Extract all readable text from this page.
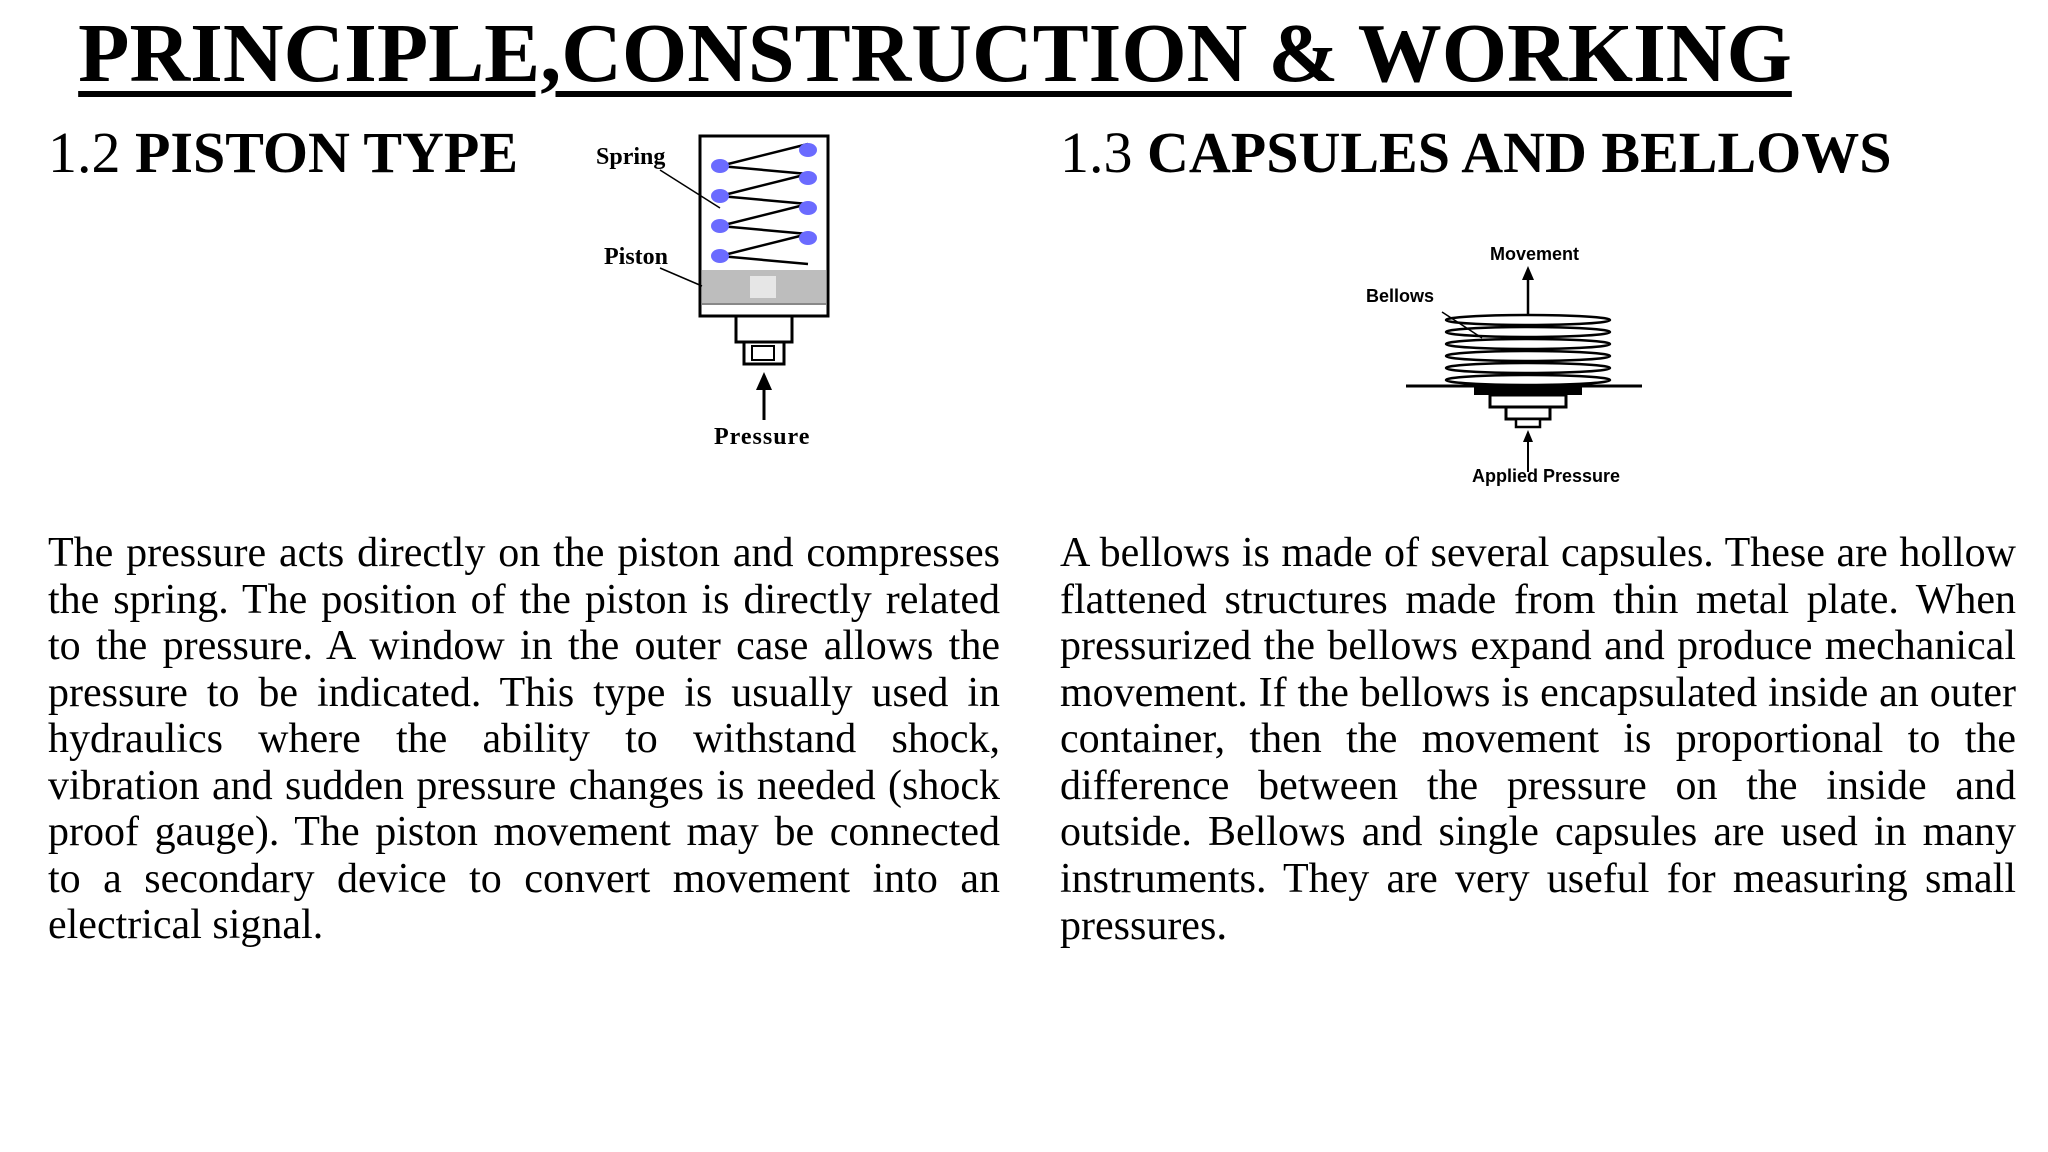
PRINCIPLE,CONSTRUCTION & WORKING
1.2 PISTON TYPE	1.3 CAPSULES AND BELLOWS
Spring
Piston
Pressure
Movement
Bellows
Applied Pressure
The pressure acts directly on the piston and compresses the spring. The position of the piston is directly related to the pressure. A window in the outer case allows the pressure to be indicated. This type is usually used in hydraulics where the ability to withstand shock, vibration and sudden pressure changes is needed (shock proof gauge). The piston movement may be connected to a secondary device to convert movement into an electrical signal.
A bellows is made of several capsules. These are hollow flattened structures made from thin metal plate. When pressurized the bellows expand and produce mechanical movement. If the bellows is encapsulated inside an outer container, then the movement is proportional to the difference between the pressure on the inside and outside. Bellows and single capsules are used in many instruments. They are very useful for measuring small pressures.
